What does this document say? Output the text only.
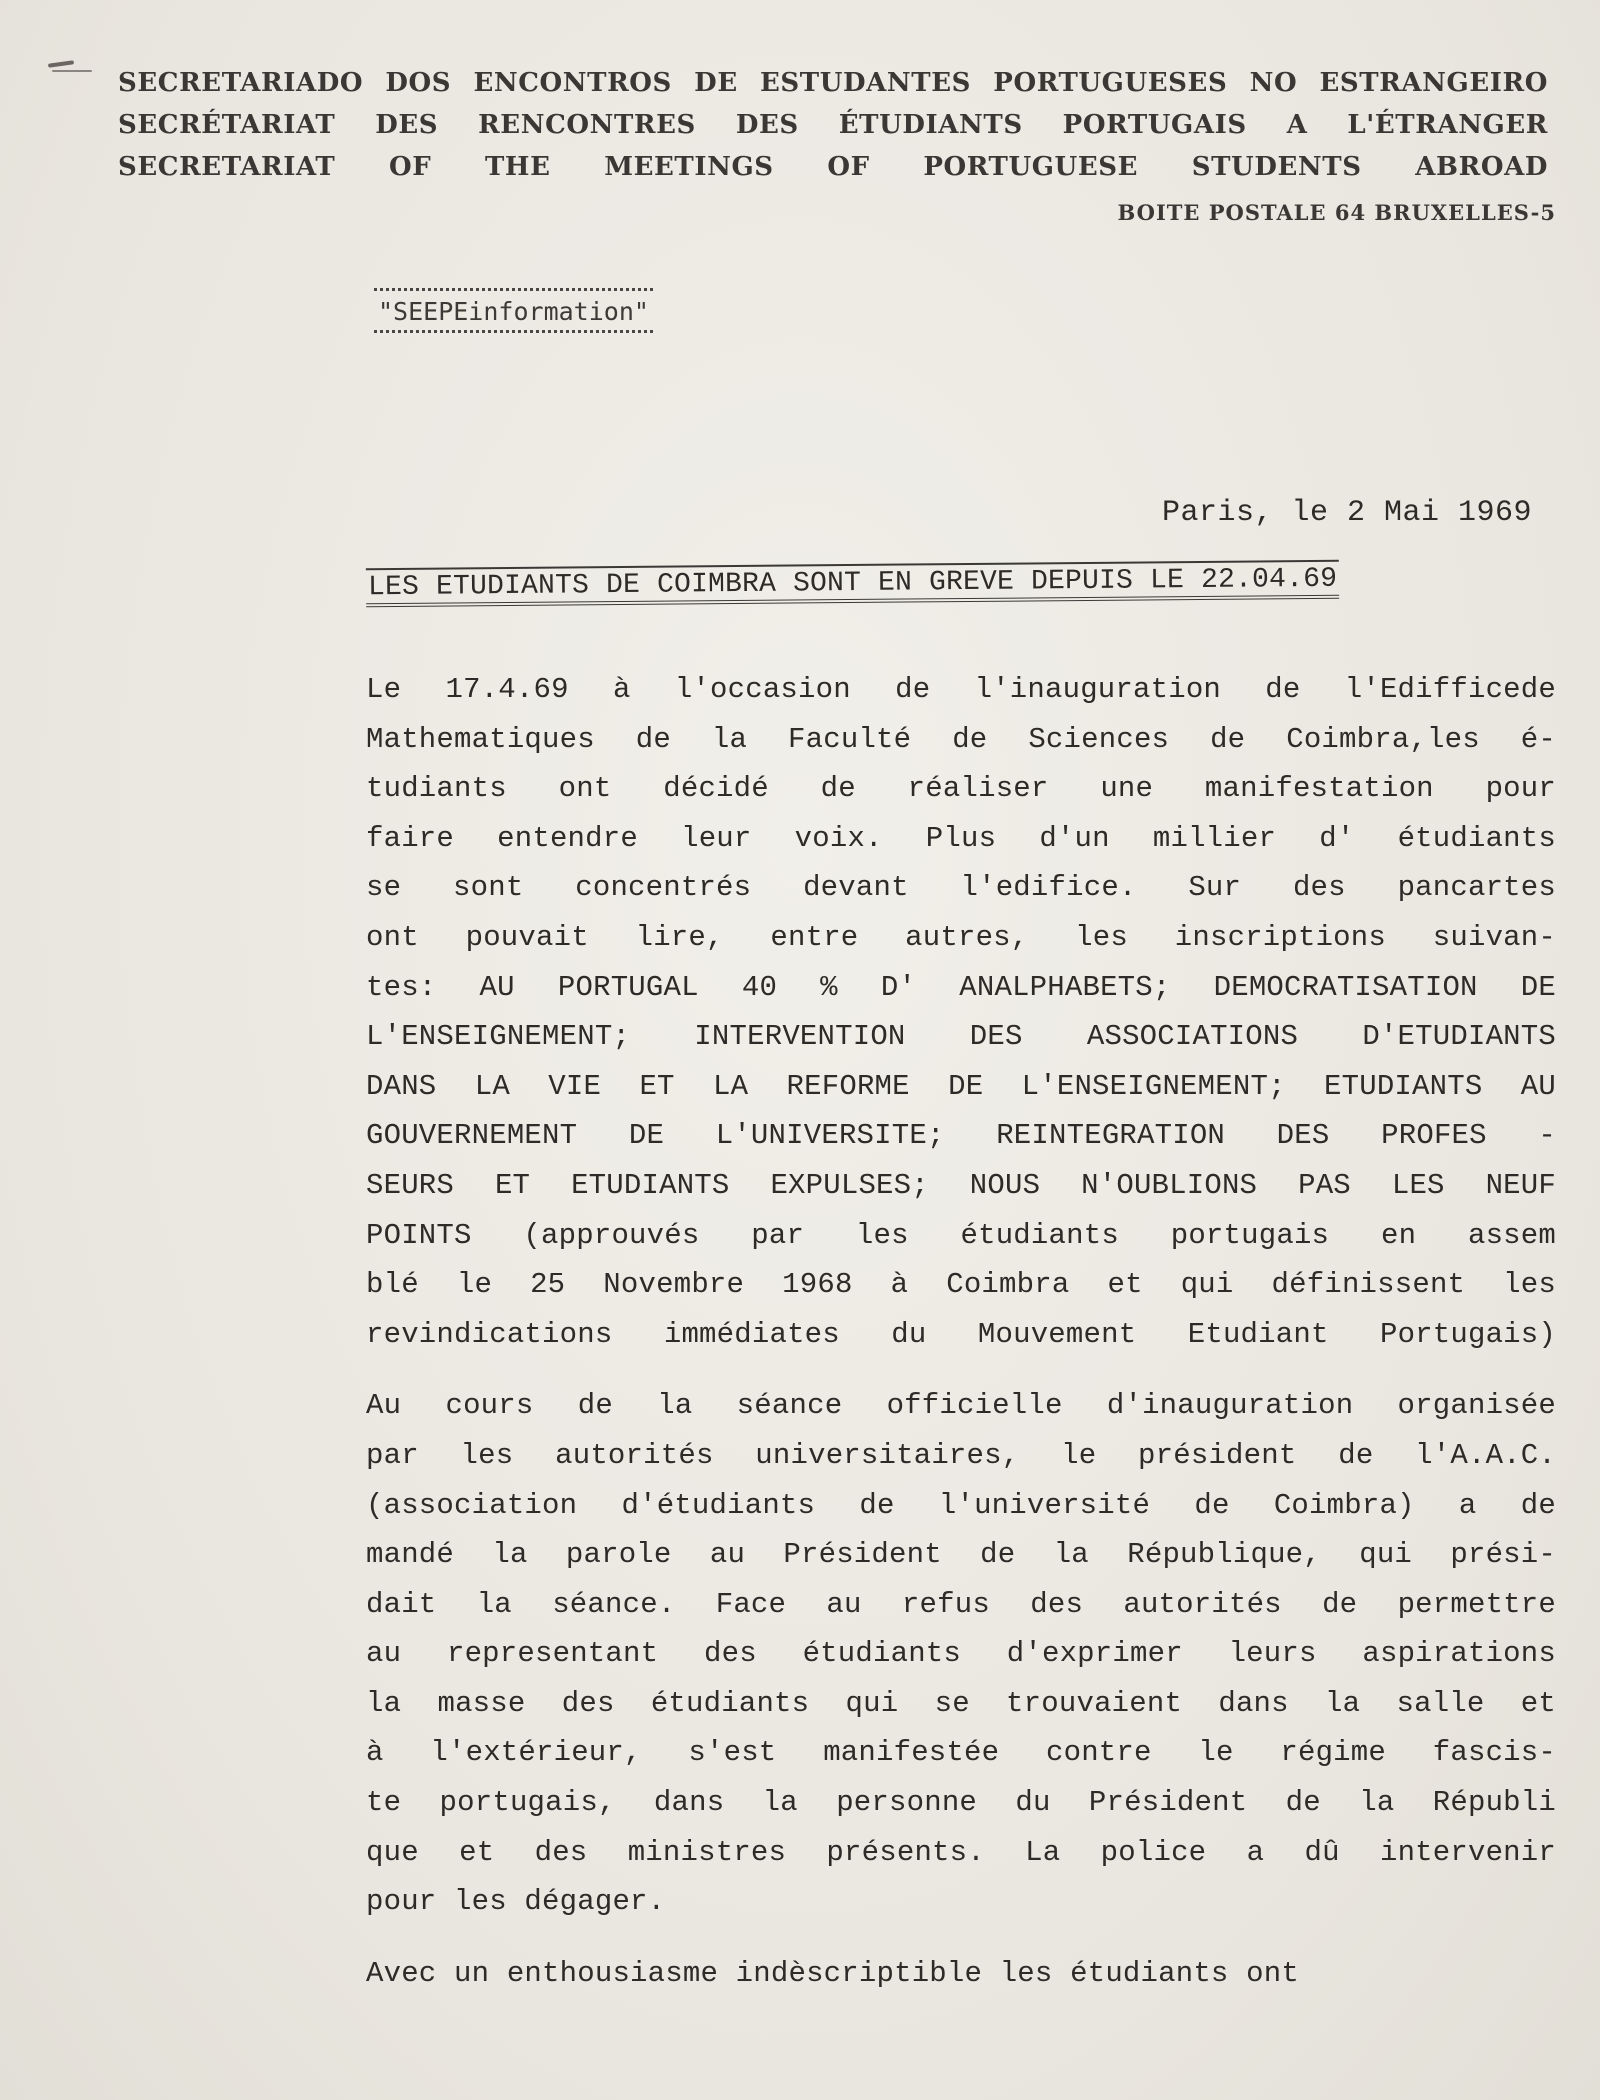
SECRETARIADO DOS ENCONTROS DE ESTUDANTES PORTUGUESES NO ESTRANGEIRO
SECRÉTARIAT DES RENCONTRES DES ÉTUDIANTS PORTUGAIS A L'ÉTRANGER
SECRETARIAT OF THE MEETINGS OF PORTUGUESE STUDENTS ABROAD
BOITE POSTALE 64 BRUXELLES-5
"SEEPEinformation"
Paris, le 2 Mai 1969
LES ETUDIANTS DE COIMBRA SONT EN GREVE DEPUIS LE 22.04.69
Le 17.4.69 à l'occasion de l'inauguration de l'Edifficede
Mathematiques de la Faculté de Sciences de Coimbra,les é-
tudiants ont décidé de réaliser une manifestation pour
faire entendre leur voix. Plus d'un millier d' étudiants
se sont concentrés devant l'edifice. Sur des pancartes
ont pouvait lire, entre autres, les inscriptions suivan-
tes: AU PORTUGAL 40 % D' ANALPHABETS; DEMOCRATISATION DE
L'ENSEIGNEMENT; INTERVENTION DES ASSOCIATIONS D'ETUDIANTS
DANS LA VIE ET LA REFORME DE L'ENSEIGNEMENT; ETUDIANTS AU
GOUVERNEMENT DE L'UNIVERSITE; REINTEGRATION DES PROFES -
SEURS ET ETUDIANTS EXPULSES; NOUS N'OUBLIONS PAS LES NEUF
POINTS (approuvés par les étudiants portugais en assem
blé le 25 Novembre 1968 à Coimbra et qui définissent les
revindications immédiates du Mouvement Etudiant Portugais)
Au cours de la séance officielle d'inauguration organisée
par les autorités universitaires, le président de l'A.A.C.
(association d'étudiants de l'université de Coimbra) a de
mandé la parole au Président de la République, qui prési-
dait la séance. Face au refus des autorités de permettre
au representant des étudiants d'exprimer leurs aspirations
la masse des étudiants qui se trouvaient dans la salle et
à l'extérieur, s'est manifestée contre le régime fascis-
te portugais, dans la personne du Président de la Républi
que et des ministres présents. La police a dû intervenir
pour les dégager.
Avec un enthousiasme indèscriptible les étudiants ont
